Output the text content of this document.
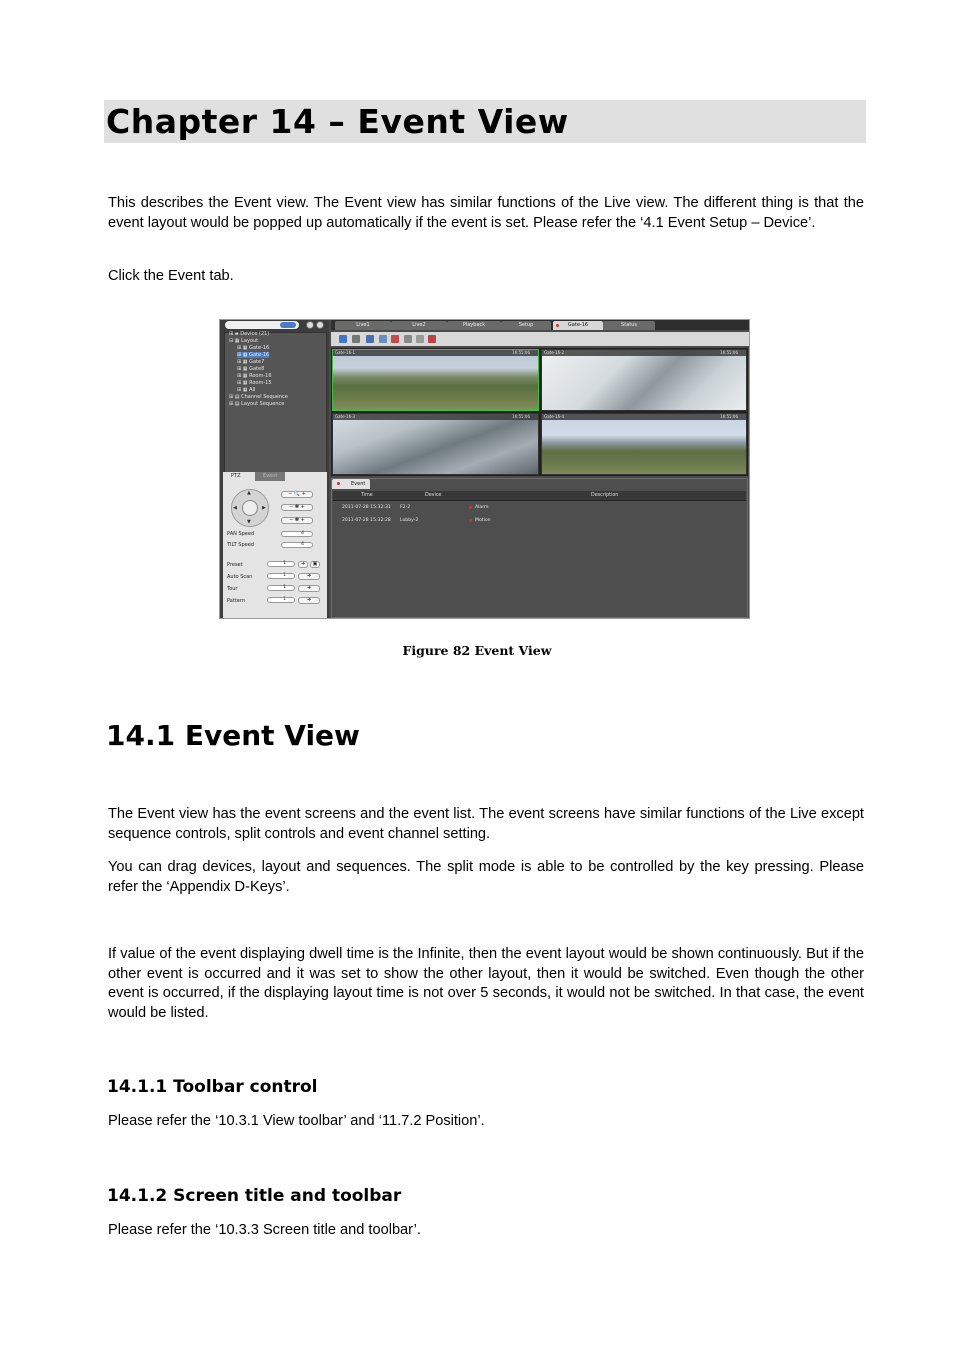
Chapter 14 – Event View
This describes the Event view. The Event view has similar functions of the Live view. The different thing is that the event layout would be popped up automatically if the event is set. Please refer the ‘4.1 Event Setup – Device’.
Click the Event tab.
⊞ ▰ Device (21)
⊟ ▦ Layout
⊞ ▦ Gate-16
⊞ ▦ Gate-16
⊞ ▦ Gate7
⊞ ▦ Gate8
⊞ ▦ Room-16
⊞ ▦ Room-15
⊞ ▦ All
⊞ ▤ Channel Sequence
⊞ ▤ Layout Sequence
PTZ	Event
▲
▼
◀	▶
− 🔍 +
− ✽ +
− ✽ +
PAN Speed	4
TILT Speed	4
Preset	1	➜	▣
Auto Scan	1	➜
Tour	1	➜
Pattern	1	➜
Live1	Live2	Playback	Setup	Gate-16	Status
Gate-16-1	16:55:06	Gate-16-2	16:55:06
Gate-16-3	16:55:06	Gate-16-4	16:55:06
Event
Time	Device	Description
2011-07-28 15:32:31 F2-2	Alarm
2011-07-28 15:32:28 Lobby-2	Motion
Figure 82 Event View
14.1 Event View
The Event view has the event screens and the event list. The event screens have similar functions of the Live except sequence controls, split controls and event channel setting.
You can drag devices, layout and sequences. The split mode is able to be controlled by the key pressing. Please refer the ‘Appendix D-Keys’.
If value of the event displaying dwell time is the Infinite, then the event layout would be shown continuously. But if the other event is occurred and it was set to show the other layout, then it would be switched. Even though the other event is occurred, if the displaying layout time is not over 5 seconds, it would not be switched. In that case, the event would be listed.
14.1.1 Toolbar control
Please refer the ‘10.3.1 View toolbar’ and ‘11.7.2 Position’.
14.1.2 Screen title and toolbar
Please refer the ‘10.3.3 Screen title and toolbar’.
